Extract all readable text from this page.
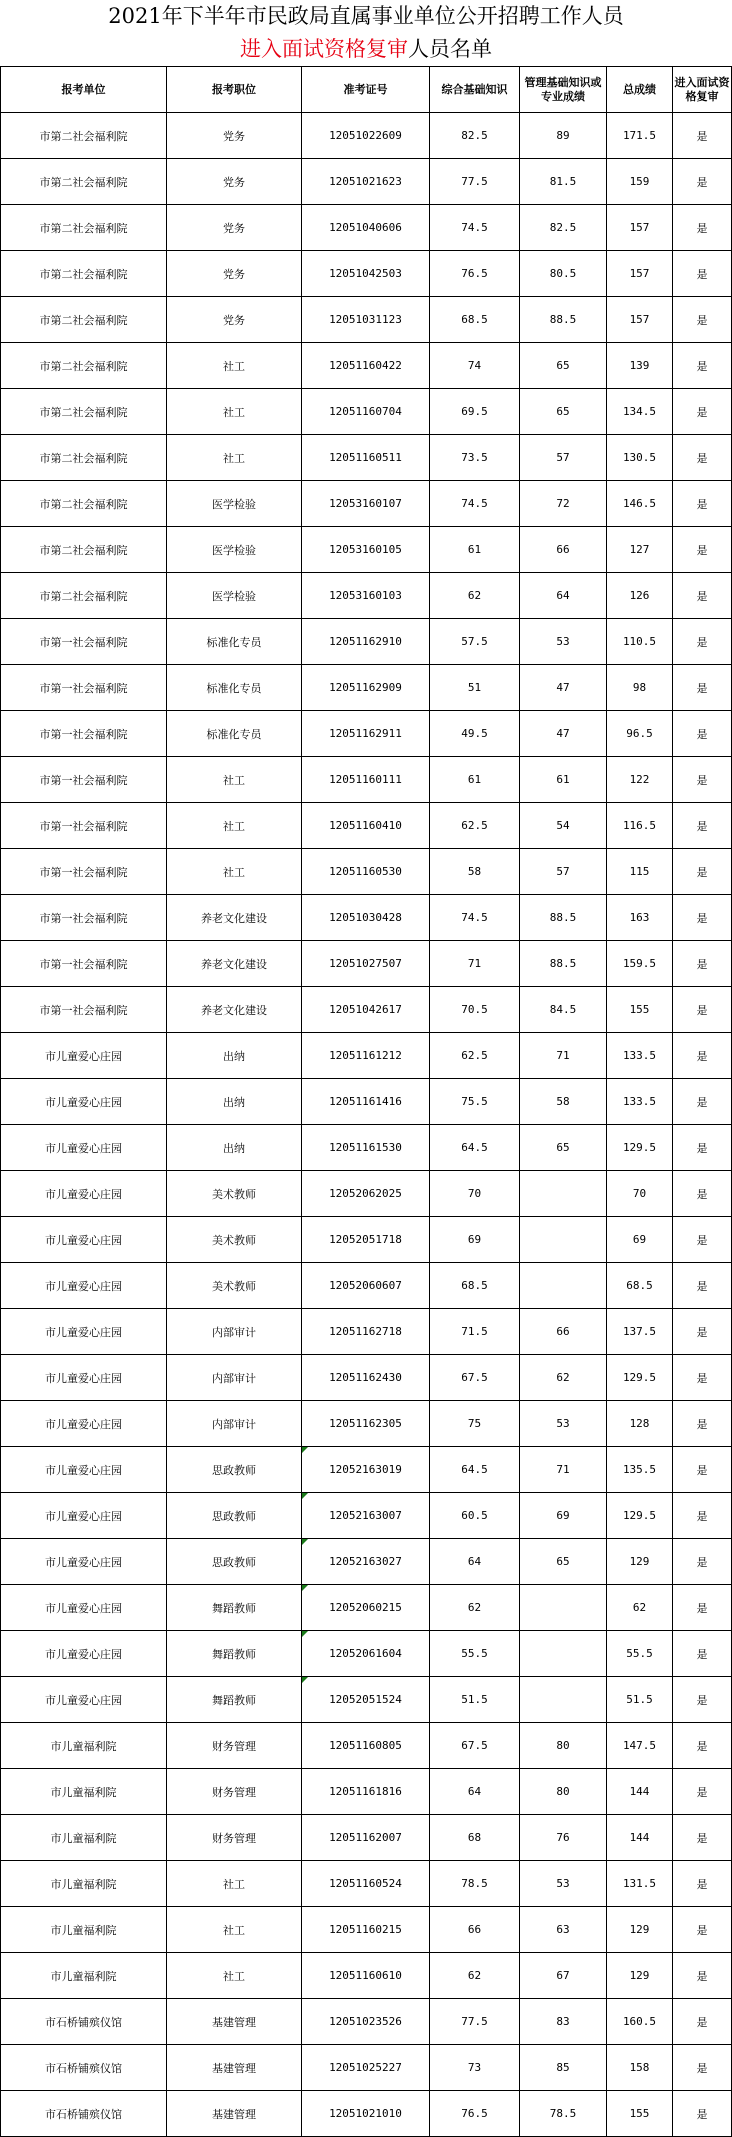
2021年下半年市民政局直属事业单位公开招聘工作人员
进入面试资格复审人员名单
报考单位	报考职位	准考证号	综合基础知识	管理基础知识或专业成绩	总成绩	进入面试资格复审
市第二社会福利院	党务	12051022609	82.5	89	171.5	是
市第二社会福利院	党务	12051021623	77.5	81.5	159	是
市第二社会福利院	党务	12051040606	74.5	82.5	157	是
市第二社会福利院	党务	12051042503	76.5	80.5	157	是
市第二社会福利院	党务	12051031123	68.5	88.5	157	是
市第二社会福利院	社工	12051160422	74	65	139	是
市第二社会福利院	社工	12051160704	69.5	65	134.5	是
市第二社会福利院	社工	12051160511	73.5	57	130.5	是
市第二社会福利院	医学检验	12053160107	74.5	72	146.5	是
市第二社会福利院	医学检验	12053160105	61	66	127	是
市第二社会福利院	医学检验	12053160103	62	64	126	是
市第一社会福利院	标准化专员	12051162910	57.5	53	110.5	是
市第一社会福利院	标准化专员	12051162909	51	47	98	是
市第一社会福利院	标准化专员	12051162911	49.5	47	96.5	是
市第一社会福利院	社工	12051160111	61	61	122	是
市第一社会福利院	社工	12051160410	62.5	54	116.5	是
市第一社会福利院	社工	12051160530	58	57	115	是
市第一社会福利院	养老文化建设	12051030428	74.5	88.5	163	是
市第一社会福利院	养老文化建设	12051027507	71	88.5	159.5	是
市第一社会福利院	养老文化建设	12051042617	70.5	84.5	155	是
市儿童爱心庄园	出纳	12051161212	62.5	71	133.5	是
市儿童爱心庄园	出纳	12051161416	75.5	58	133.5	是
市儿童爱心庄园	出纳	12051161530	64.5	65	129.5	是
市儿童爱心庄园	美术教师	12052062025	70		70	是
市儿童爱心庄园	美术教师	12052051718	69		69	是
市儿童爱心庄园	美术教师	12052060607	68.5		68.5	是
市儿童爱心庄园	内部审计	12051162718	71.5	66	137.5	是
市儿童爱心庄园	内部审计	12051162430	67.5	62	129.5	是
市儿童爱心庄园	内部审计	12051162305	75	53	128	是
市儿童爱心庄园	思政教师	12052163019	64.5	71	135.5	是
市儿童爱心庄园	思政教师	12052163007	60.5	69	129.5	是
市儿童爱心庄园	思政教师	12052163027	64	65	129	是
市儿童爱心庄园	舞蹈教师	12052060215	62		62	是
市儿童爱心庄园	舞蹈教师	12052061604	55.5		55.5	是
市儿童爱心庄园	舞蹈教师	12052051524	51.5		51.5	是
市儿童福利院	财务管理	12051160805	67.5	80	147.5	是
市儿童福利院	财务管理	12051161816	64	80	144	是
市儿童福利院	财务管理	12051162007	68	76	144	是
市儿童福利院	社工	12051160524	78.5	53	131.5	是
市儿童福利院	社工	12051160215	66	63	129	是
市儿童福利院	社工	12051160610	62	67	129	是
市石桥铺殡仪馆	基建管理	12051023526	77.5	83	160.5	是
市石桥铺殡仪馆	基建管理	12051025227	73	85	158	是
市石桥铺殡仪馆	基建管理	12051021010	76.5	78.5	155	是
